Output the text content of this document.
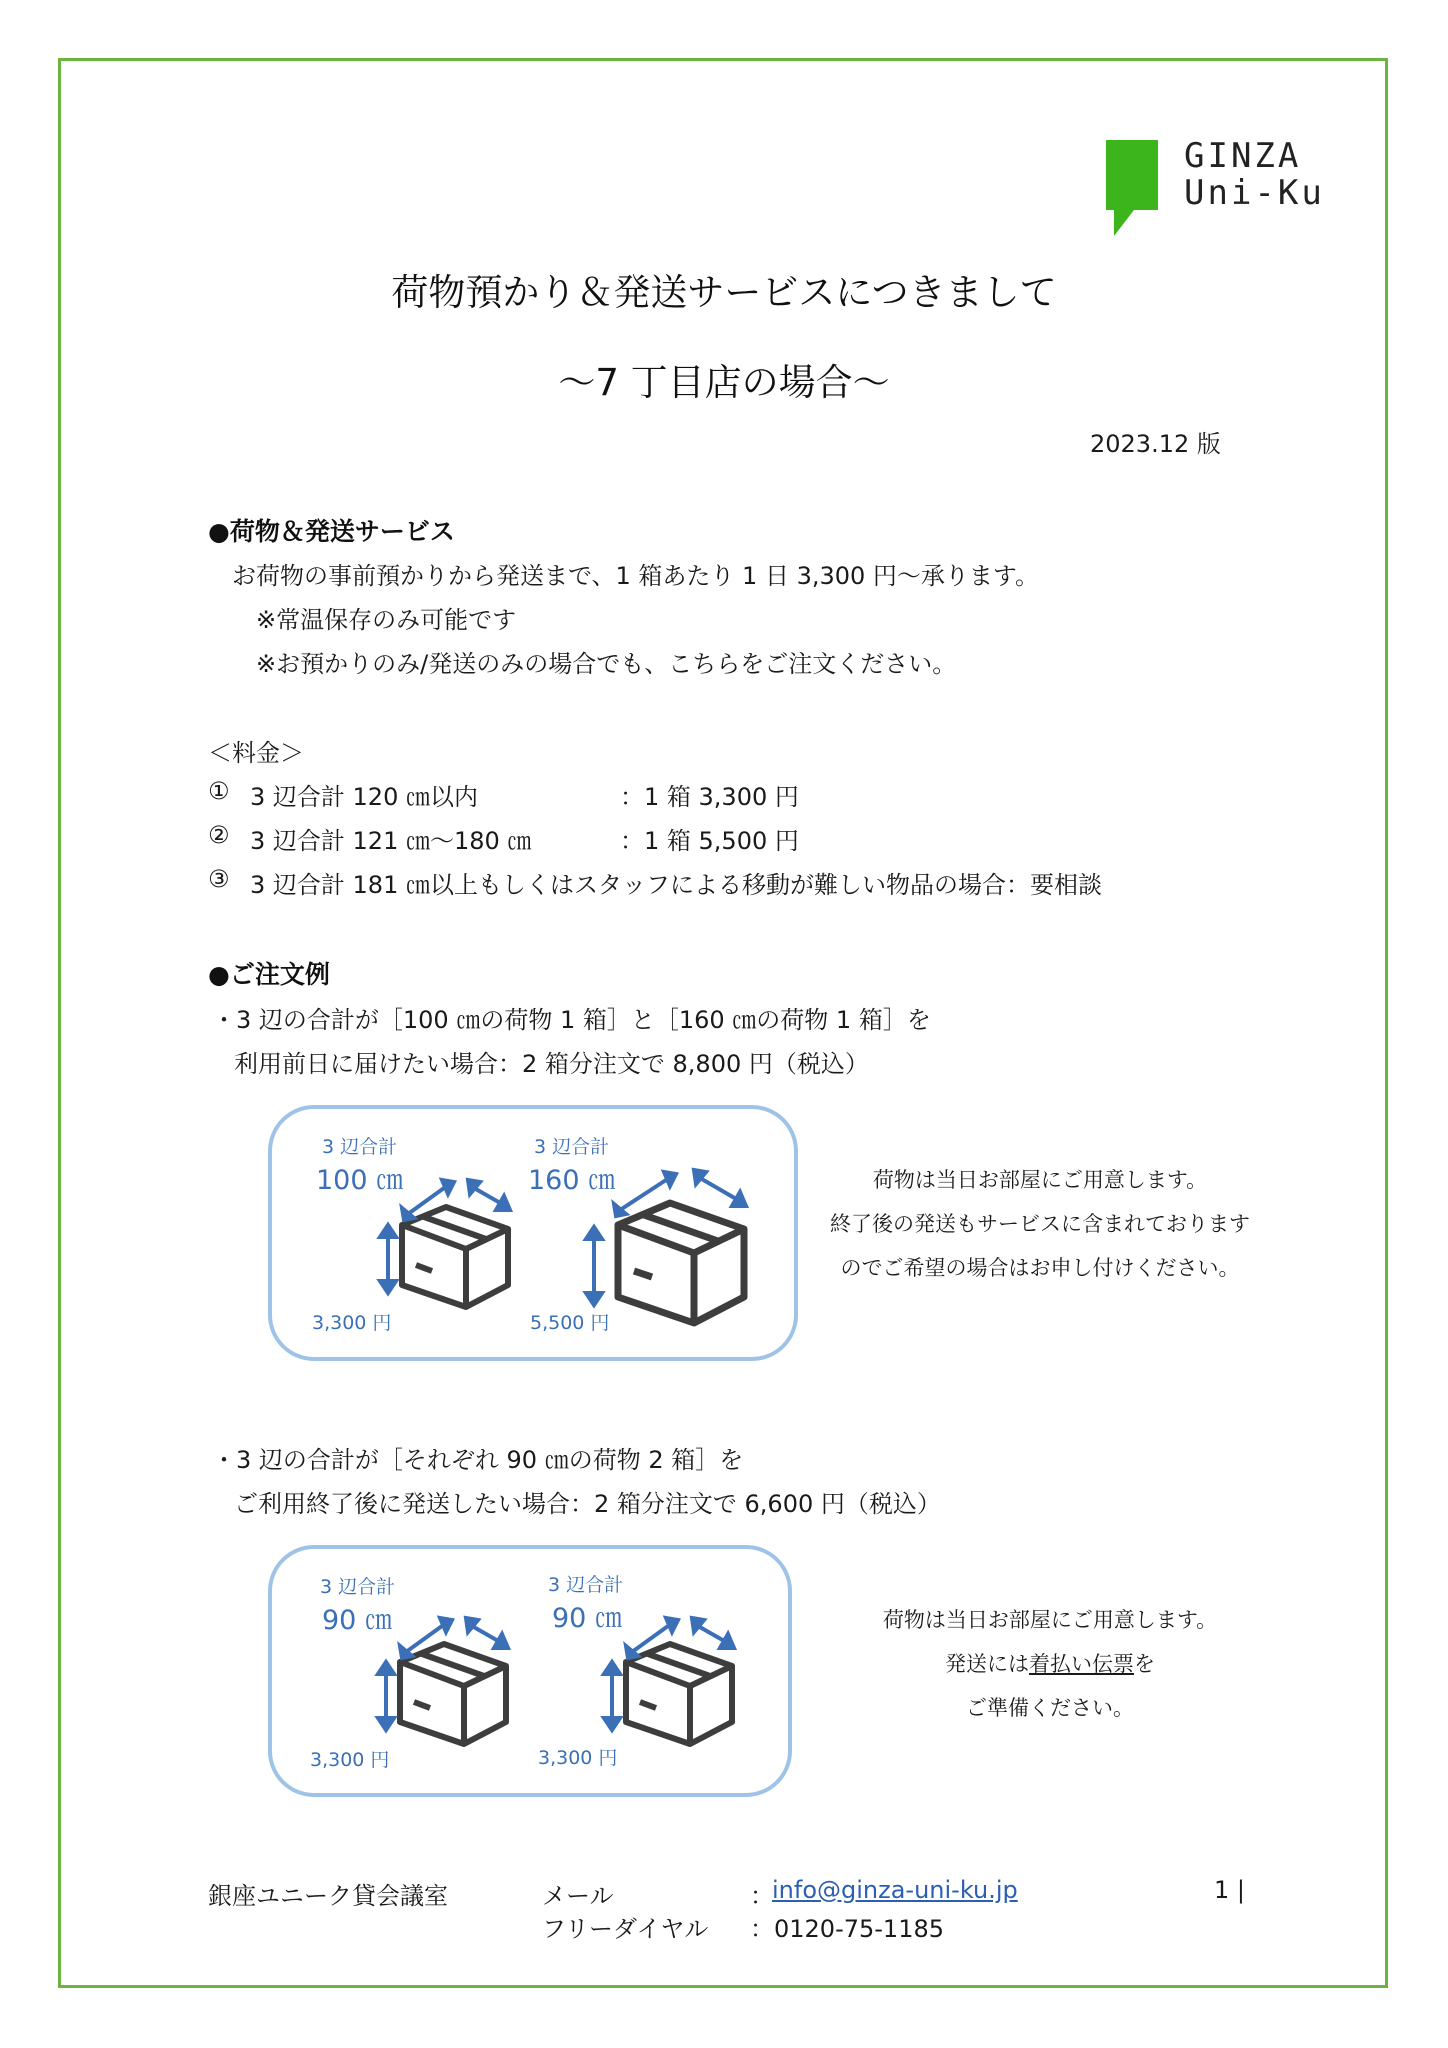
GINZA
Uni-Ku
荷物預かり＆発送サービスにつきまして
～7 丁目店の場合～
2023.12 版
●荷物＆発送サービス
お荷物の事前預かりから発送まで、1 箱あたり 1 日 3,300 円～承ります。
※常温保存のみ可能です
※お預かりのみ/発送のみの場合でも、こちらをご注文ください。
＜料金＞
① 3 辺合計 120 ㎝以内	：1 箱 3,300 円
② 3 辺合計 121 ㎝～180 ㎝	：1 箱 5,500 円
③ 3 辺合計 181 ㎝以上もしくはスタッフによる移動が難しい物品の場合：要相談
●ご注文例
・3 辺の合計が［100 ㎝の荷物 1 箱］と［160 ㎝の荷物 1 箱］を
利用前日に届けたい場合：2 箱分注文で 8,800 円（税込）
3 辺合計
100 ㎝
3,300 円
3 辺合計
160 ㎝
5,500 円
荷物は当日お部屋にご用意します。
終了後の発送もサービスに含まれております
のでご希望の場合はお申し付けください。
・3 辺の合計が［それぞれ 90 ㎝の荷物 2 箱］を
ご利用終了後に発送したい場合：2 箱分注文で 6,600 円（税込）
3 辺合計
90 ㎝
3,300 円
3 辺合計
90 ㎝
3,300 円
荷物は当日お部屋にご用意します。
発送には着払い伝票を
ご準備ください。
銀座ユニーク貸会議室	メール	：
info@ginza-uni-ku.jp
フリーダイヤル ：0120-75-1185
1 |
